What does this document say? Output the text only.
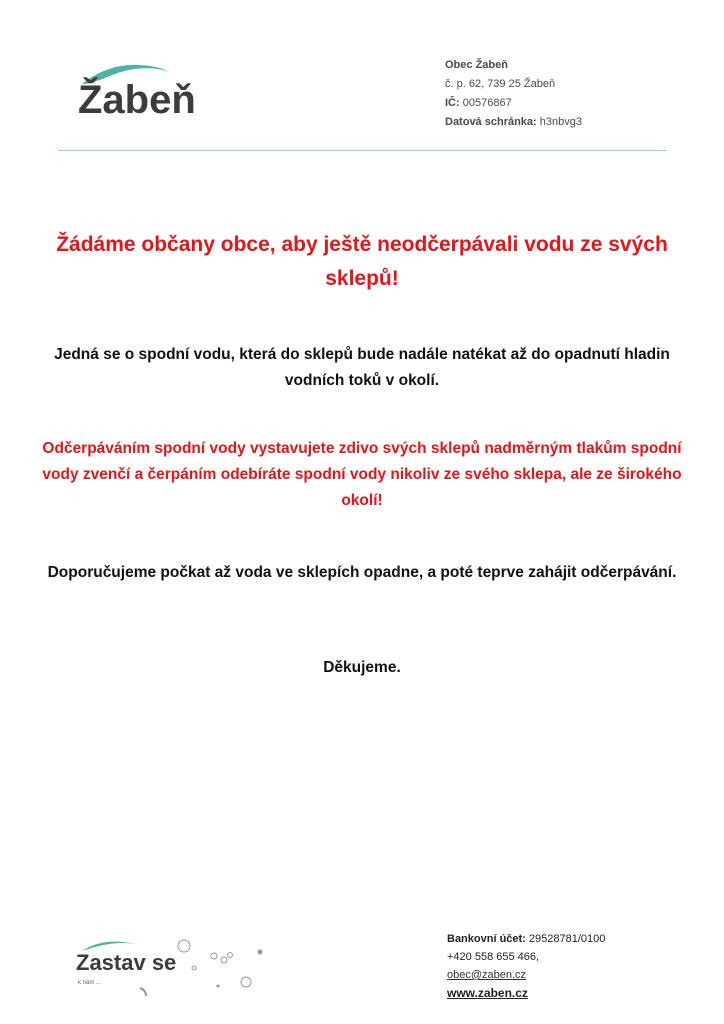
Žabeň
Obec Žabeň
č. p. 62, 739 25 Žabeň
IČ: 00576867
Datová schránka: h3nbvg3
Žádáme občany obce, aby ještě neodčerpávali vodu ze svých sklepů!
Jedná se o spodní vodu, která do sklepů bude nadále natékat až do opadnutí hladin vodních toků v okolí.
Odčerpáváním spodní vody vystavujete zdivo svých sklepů nadměrným tlakům spodní vody zvenčí a čerpáním odebíráte spodní vody nikoliv ze svého sklepa, ale ze širokého okolí!
Doporučujeme počkat až voda ve sklepích opadne, a poté teprve zahájit odčerpávání.
Děkujeme.
Zastav se
k nám ...
Bankovní účet: 29528781/0100
+420 558 655 466,
obec@zaben.cz
www.zaben.cz
